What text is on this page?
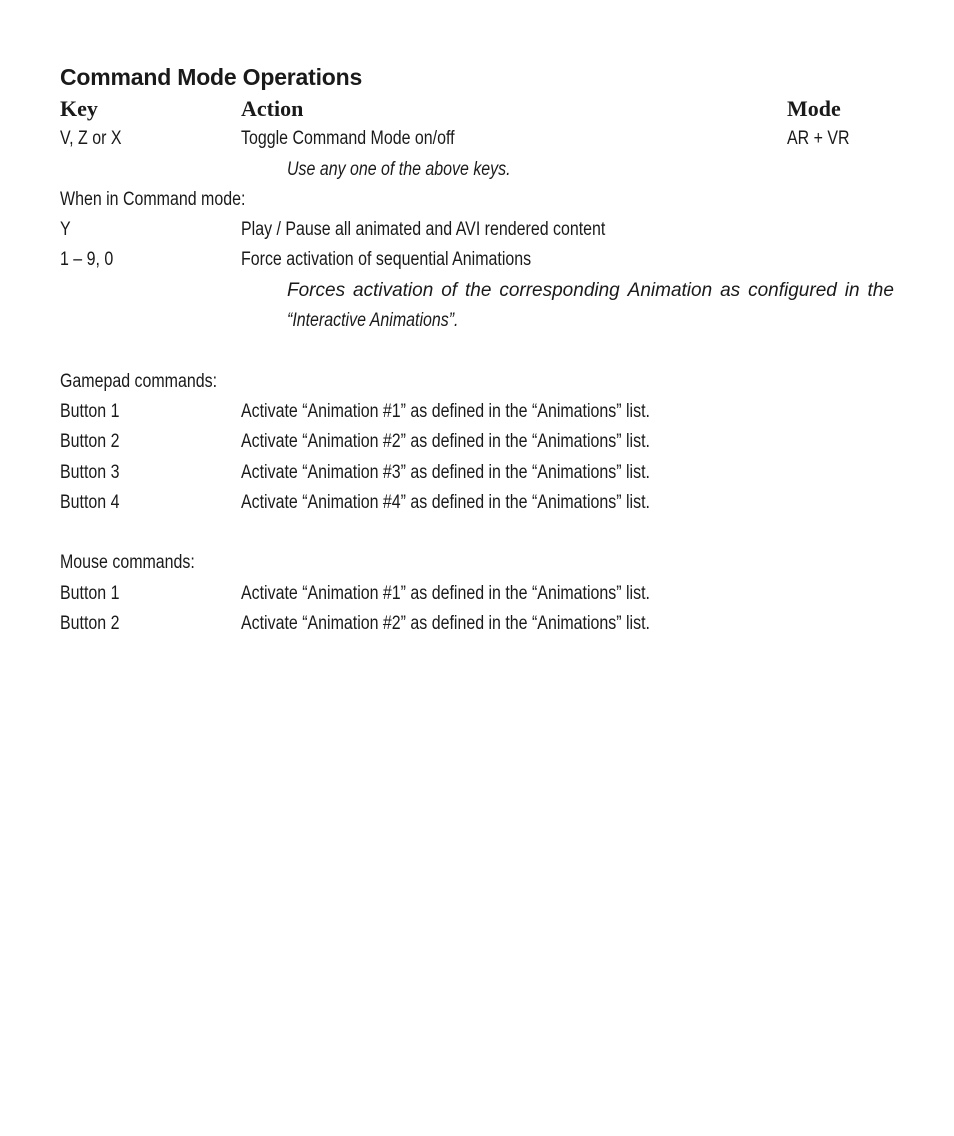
Command Mode Operations
Key	Action	Mode
V, Z or X	Toggle Command Mode on/off	AR + VR
Use any one of the above keys.
When in Command mode:
Y	Play / Pause all animated and AVI rendered content
1 – 9, 0	Force activation of sequential Animations
Forces activation of the corresponding Animation as configured in the
“Interactive Animations”.
Gamepad commands:
Button 1	Activate “Animation #1” as defined in the “Animations” list.
Button 2	Activate “Animation #2” as defined in the “Animations” list.
Button 3	Activate “Animation #3” as defined in the “Animations” list.
Button 4	Activate “Animation #4” as defined in the “Animations” list.
Mouse commands:
Button 1	Activate “Animation #1” as defined in the “Animations” list.
Button 2	Activate “Animation #2” as defined in the “Animations” list.
